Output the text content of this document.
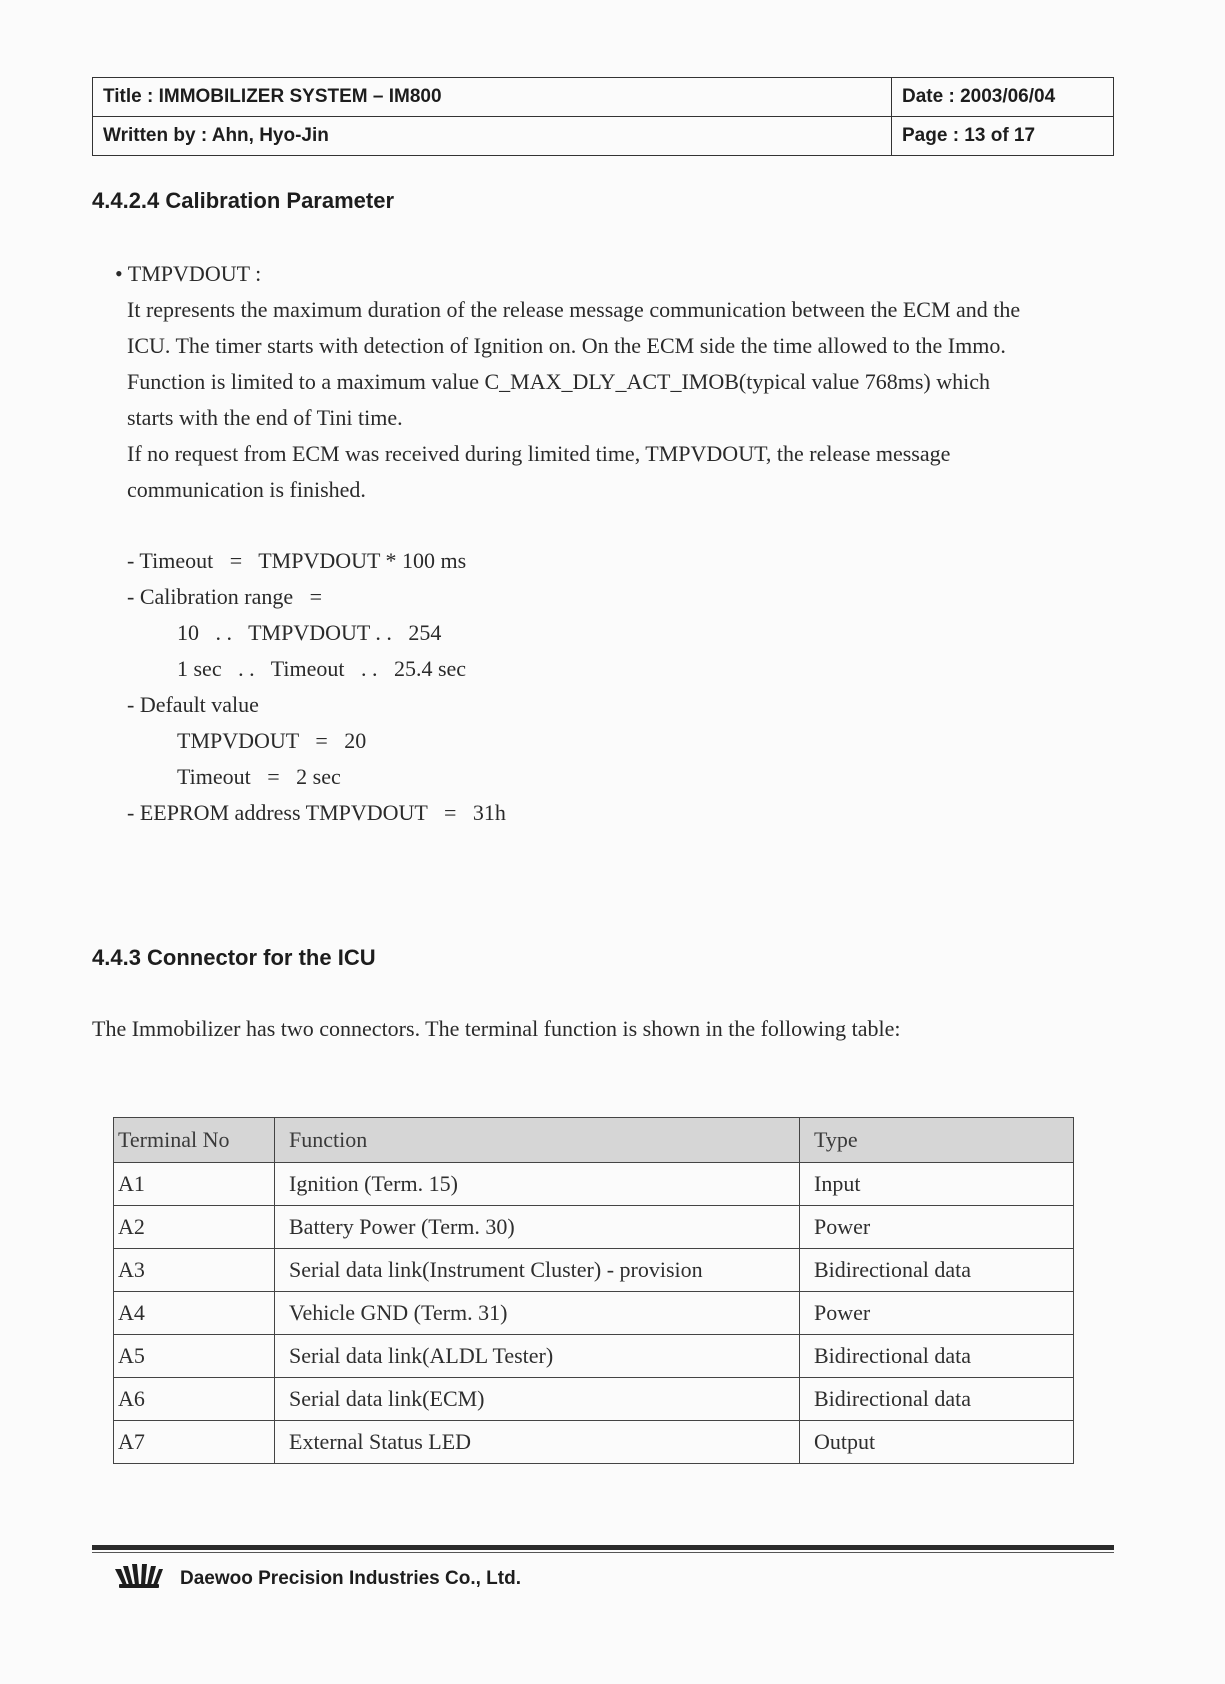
Title : IMMOBILIZER SYSTEM – IM800	Date : 2003/06/04
Written by : Ahn, Hyo-Jin	Page : 13 of 17
4.4.2.4 Calibration Parameter
• TMPVDOUT :

It represents the maximum duration of the release message communication between the ECM and the

ICU. The timer starts with detection of Ignition on. On the ECM side the time allowed to the Immo.

Function is limited to a maximum value C_MAX_DLY_ACT_IMOB(typical value 768ms) which

starts with the end of Tini time.

If no request from ECM was received during limited time, TMPVDOUT, the release message

communication is finished.

- Timeout   =   TMPVDOUT * 100 ms
- Calibration range   =
10   . .   TMPVDOUT . .   254
1 sec   . .   Timeout   . .   25.4 sec
- Default value
TMPVDOUT   =   20
Timeout   =   2 sec
- EEPROM address TMPVDOUT   =   31h
4.4.3 Connector for the ICU
The Immobilizer has two connectors. The terminal function is shown in the following table:
Terminal No	Function	Type
A1	Ignition (Term. 15)	Input
A2	Battery Power (Term. 30)	Power
A3	Serial data link(Instrument Cluster) - provision	Bidirectional data
A4	Vehicle GND (Term. 31)	Power
A5	Serial data link(ALDL Tester)	Bidirectional data
A6	Serial data link(ECM)	Bidirectional data
A7	External Status LED	Output
Daewoo Precision Industries Co., Ltd.
